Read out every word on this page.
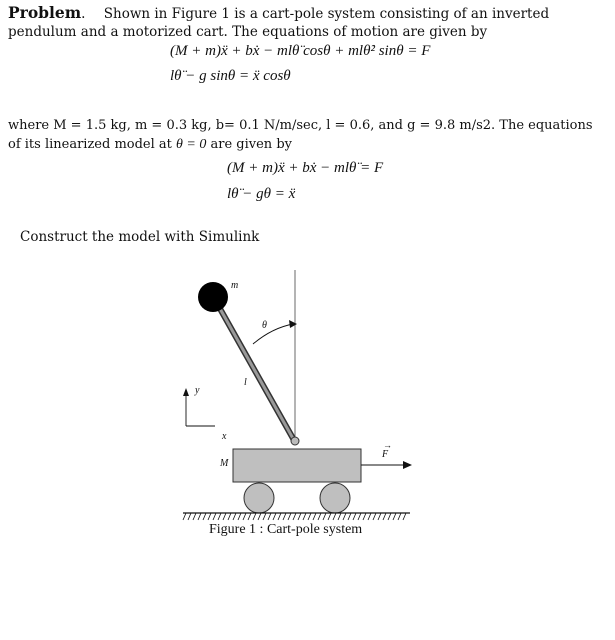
Problem. Shown in Figure 1 is a cart-pole system consisting of an inverted
pendulum and a motorized cart. The equations of motion are given by
(M + m)ẍ + bẋ − mlθ̈ cosθ + mlθ̇² sinθ = F
lθ̈ − g sinθ = ẍ cosθ
where M = 1.5 kg, m = 0.3 kg, b= 0.1 N/m/sec, l = 0.6, and g = 9.8 m/s2. The equations
of its linearized model at θ = 0 are given by
(M + m)ẍ + bẋ − mlθ̈ = F
lθ̈ − gθ = ẍ
Construct the model with Simulink
m
θ
l
y
x
M
→
F
Figure 1 : Cart-pole system
